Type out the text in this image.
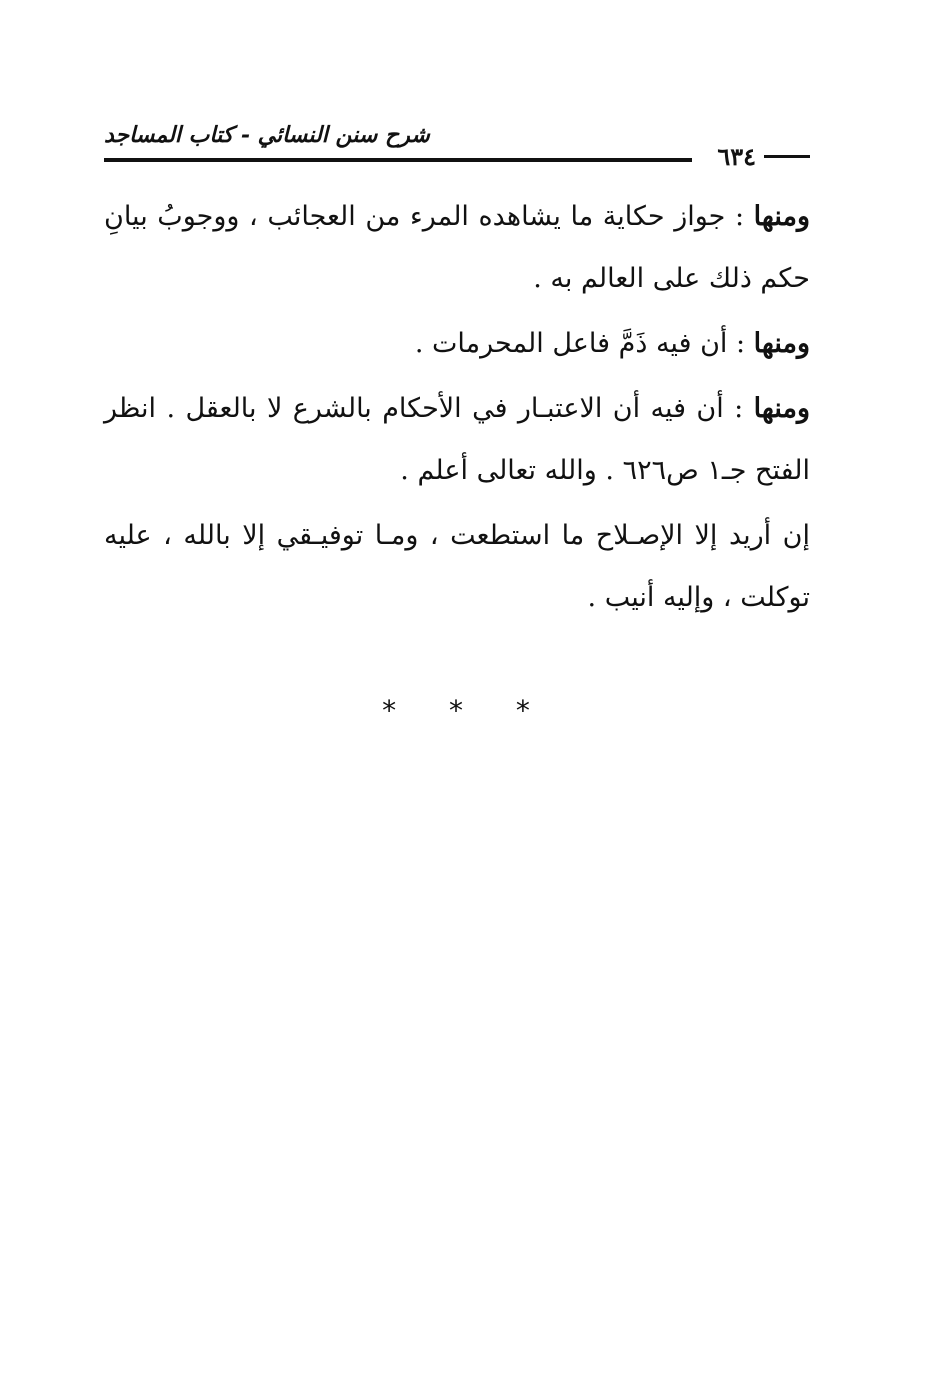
٦٣٤
شرح سنن النسائي - كتاب المساجد

ومنها : جواز حكاية ما يشاهده المرء من العجائب ، ووجوبُ بيانِ حكم ذلك على العالم به .

ومنها : أن فيه ذَمَّ فاعل المحرمات .

ومنها : أن فيه أن الاعتبـار في الأحكام بالشرع لا بالعقل . انظر الفتح جـ١ ص٦٢٦ . والله تعالى أعلم .

إن أريد إلا الإصـلاح ما استطعت ، ومـا توفيـقي إلا بالله ، عليه توكلت ، وإليه أنيب .

* * *
